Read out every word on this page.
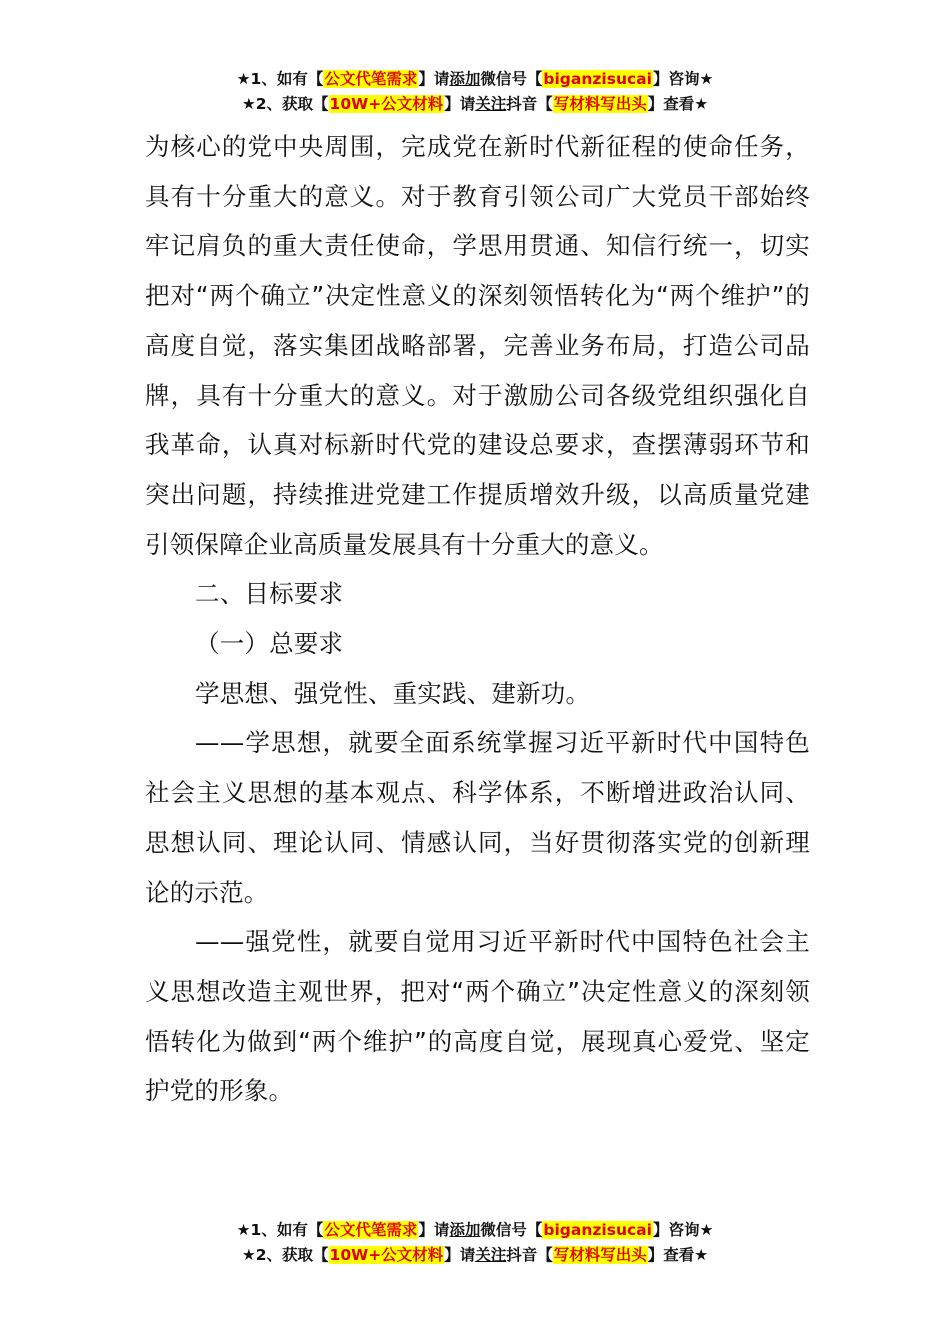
★1、如有【公文代笔需求】请添加微信号【biganzisucai】咨询★
★2、获取【10W+公文材料】请关注抖音【写材料写出头】查看★

为核心的党中央周围，完成党在新时代新征程的使命任务，具有十分重大的意义。对于教育引领公司广大党员干部始终牢记肩负的重大责任使命，学思用贯通、知信行统一，切实把对“两个确立”决定性意义的深刻领悟转化为“两个维护”的高度自觉，落实集团战略部署，完善业务布局，打造公司品牌，具有十分重大的意义。对于激励公司各级党组织强化自我革命，认真对标新时代党的建设总要求，查摆薄弱环节和突出问题，持续推进党建工作提质增效升级，以高质量党建引领保障企业高质量发展具有十分重大的意义。

二、目标要求

（一）总要求

学思想、强党性、重实践、建新功。

——学思想，就要全面系统掌握习近平新时代中国特色社会主义思想的基本观点、科学体系，不断增进政治认同、思想认同、理论认同、情感认同，当好贯彻落实党的创新理论的示范。

——强党性，就要自觉用习近平新时代中国特色社会主义思想改造主观世界，把对“两个确立”决定性意义的深刻领悟转化为做到“两个维护”的高度自觉，展现真心爱党、坚定护党的形象。

★1、如有【公文代笔需求】请添加微信号【biganzisucai】咨询★
★2、获取【10W+公文材料】请关注抖音【写材料写出头】查看★
